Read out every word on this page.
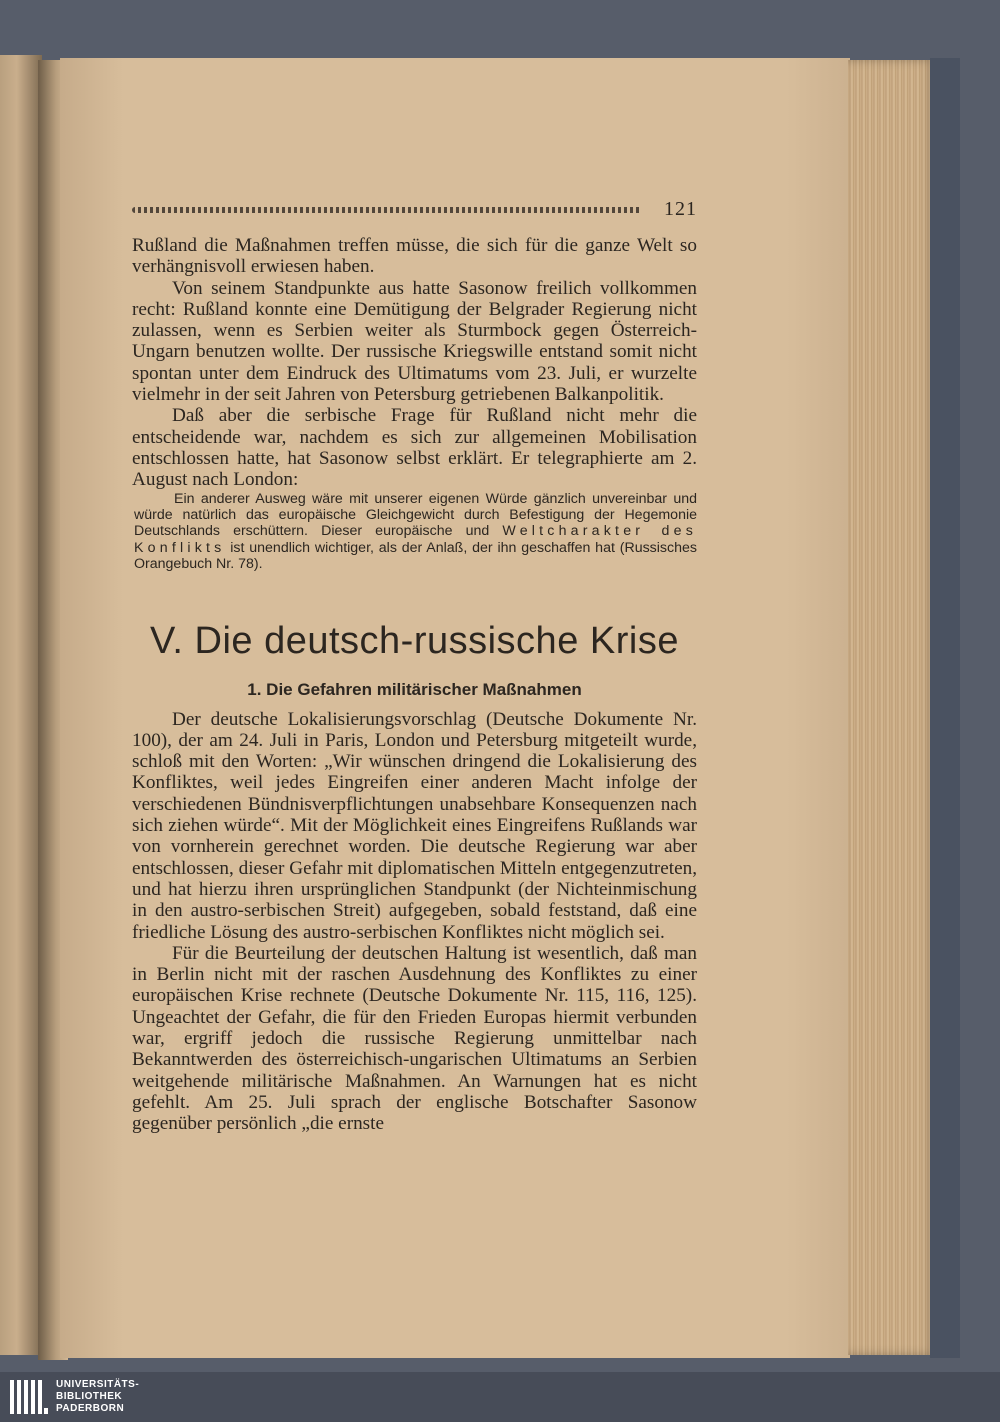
121

Rußland die Maßnahmen treffen müsse, die sich für die ganze Welt so verhängnisvoll erwiesen haben.

Von seinem Standpunkte aus hatte Sasonow freilich vollkommen recht: Rußland konnte eine Demütigung der Belgrader Regierung nicht zulassen, wenn es Serbien weiter als Sturmbock gegen Österreich-Ungarn benutzen wollte. Der russische Kriegswille entstand somit nicht spontan unter dem Eindruck des Ultimatums vom 23. Juli, er wurzelte vielmehr in der seit Jahren von Petersburg getriebenen Balkanpolitik.

Daß aber die serbische Frage für Rußland nicht mehr die entscheidende war, nachdem es sich zur allgemeinen Mobilisation entschlossen hatte, hat Sasonow selbst erklärt. Er telegraphierte am 2. August nach London:

Ein anderer Ausweg wäre mit unserer eigenen Würde gänzlich unvereinbar und würde natürlich das europäische Gleichgewicht durch Befestigung der Hegemonie Deutschlands erschüttern. Dieser europäische und Weltcharakter des Konflikts ist unendlich wichtiger, als der Anlaß, der ihn geschaffen hat (Russisches Orangebuch Nr. 78).

V. Die deutsch-russische Krise
1. Die Gefahren militärischer Maßnahmen

Der deutsche Lokalisierungsvorschlag (Deutsche Dokumente Nr. 100), der am 24. Juli in Paris, London und Petersburg mitgeteilt wurde, schloß mit den Worten: „Wir wünschen dringend die Lokalisierung des Konfliktes, weil jedes Eingreifen einer anderen Macht infolge der verschiedenen Bündnisverpflichtungen unabsehbare Konsequenzen nach sich ziehen würde“. Mit der Möglichkeit eines Eingreifens Rußlands war von vornherein gerechnet worden. Die deutsche Regierung war aber entschlossen, dieser Gefahr mit diplomatischen Mitteln entgegenzutreten, und hat hierzu ihren ursprünglichen Standpunkt (der Nichteinmischung in den austro-serbischen Streit) aufgegeben, sobald feststand, daß eine friedliche Lösung des austro-serbischen Konfliktes nicht möglich sei.

Für die Beurteilung der deutschen Haltung ist wesentlich, daß man in Berlin nicht mit der raschen Ausdehnung des Konfliktes zu einer europäischen Krise rechnete (Deutsche Dokumente Nr. 115, 116, 125). Ungeachtet der Gefahr, die für den Frieden Europas hiermit verbunden war, ergriff jedoch die russische Regierung unmittelbar nach Bekanntwerden des österreichisch-ungarischen Ultimatums an Serbien weitgehende militärische Maßnahmen. An Warnungen hat es nicht gefehlt. Am 25. Juli sprach der englische Botschafter Sasonow gegenüber persönlich „die ernste

UNIVERSITÄTS-
BIBLIOTHEK
PADERBORN
